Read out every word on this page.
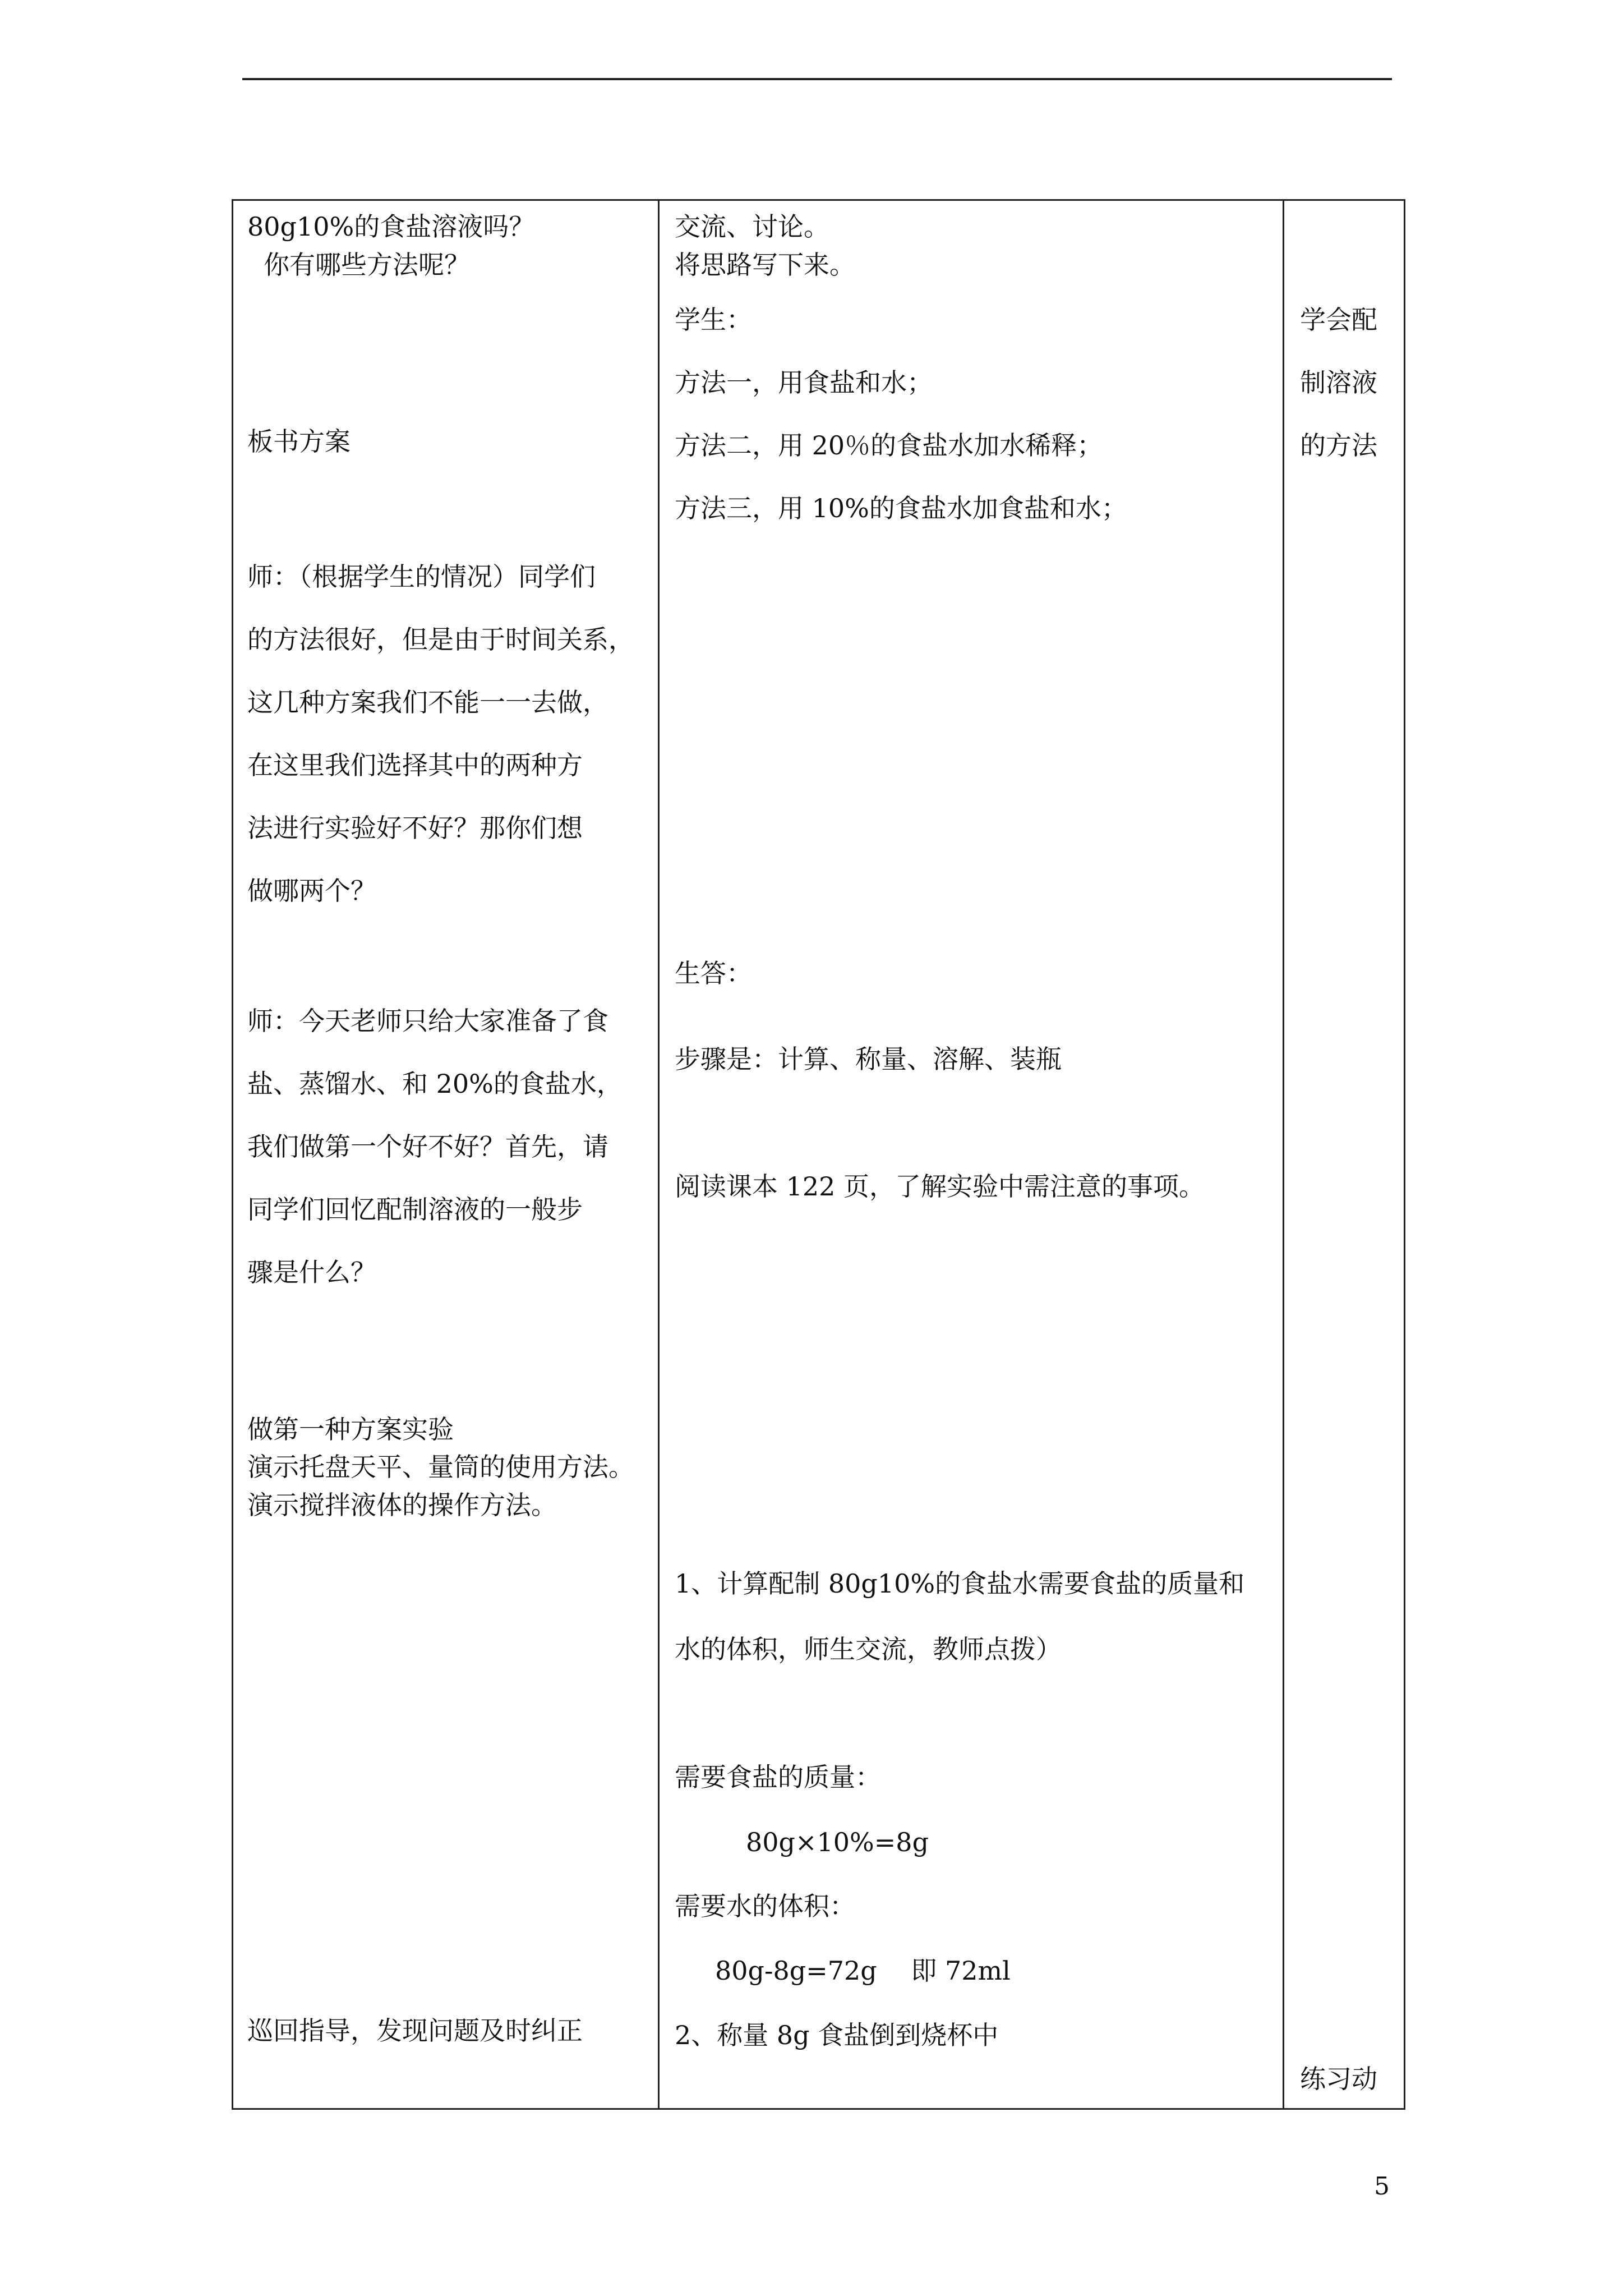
80g10%的食盐溶液吗？
你有哪些方法呢？
板书方案
师：（根据学生的情况）同学们
的方法很好，但是由于时间关系，
这几种方案我们不能一一去做，
在这里我们选择其中的两种方
法进行实验好不好？那你们想
做哪两个？
师：今天老师只给大家准备了食
盐、蒸馏水、和 20%的食盐水，
我们做第一个好不好？首先，请
同学们回忆配制溶液的一般步
骤是什么？
做第一种方案实验
演示托盘天平、量筒的使用方法。
演示搅拌液体的操作方法。
巡回指导，发现问题及时纠正
交流、讨论。
将思路写下来。
学生：
方法一，用食盐和水；
方法二，用 20％的食盐水加水稀释；
方法三，用 10%的食盐水加食盐和水；
生答：
步骤是：计算、称量、溶解、装瓶
阅读课本 122 页，了解实验中需注意的事项。
1、计算配制 80g10%的食盐水需要食盐的质量和
水的体积，师生交流，教师点拨）
需要食盐的质量：
80g×10%=8g
需要水的体积：
80g-8g=72g　 即 72ml
2、称量 8g 食盐倒到烧杯中
学会配
制溶液
的方法
练习动
5
